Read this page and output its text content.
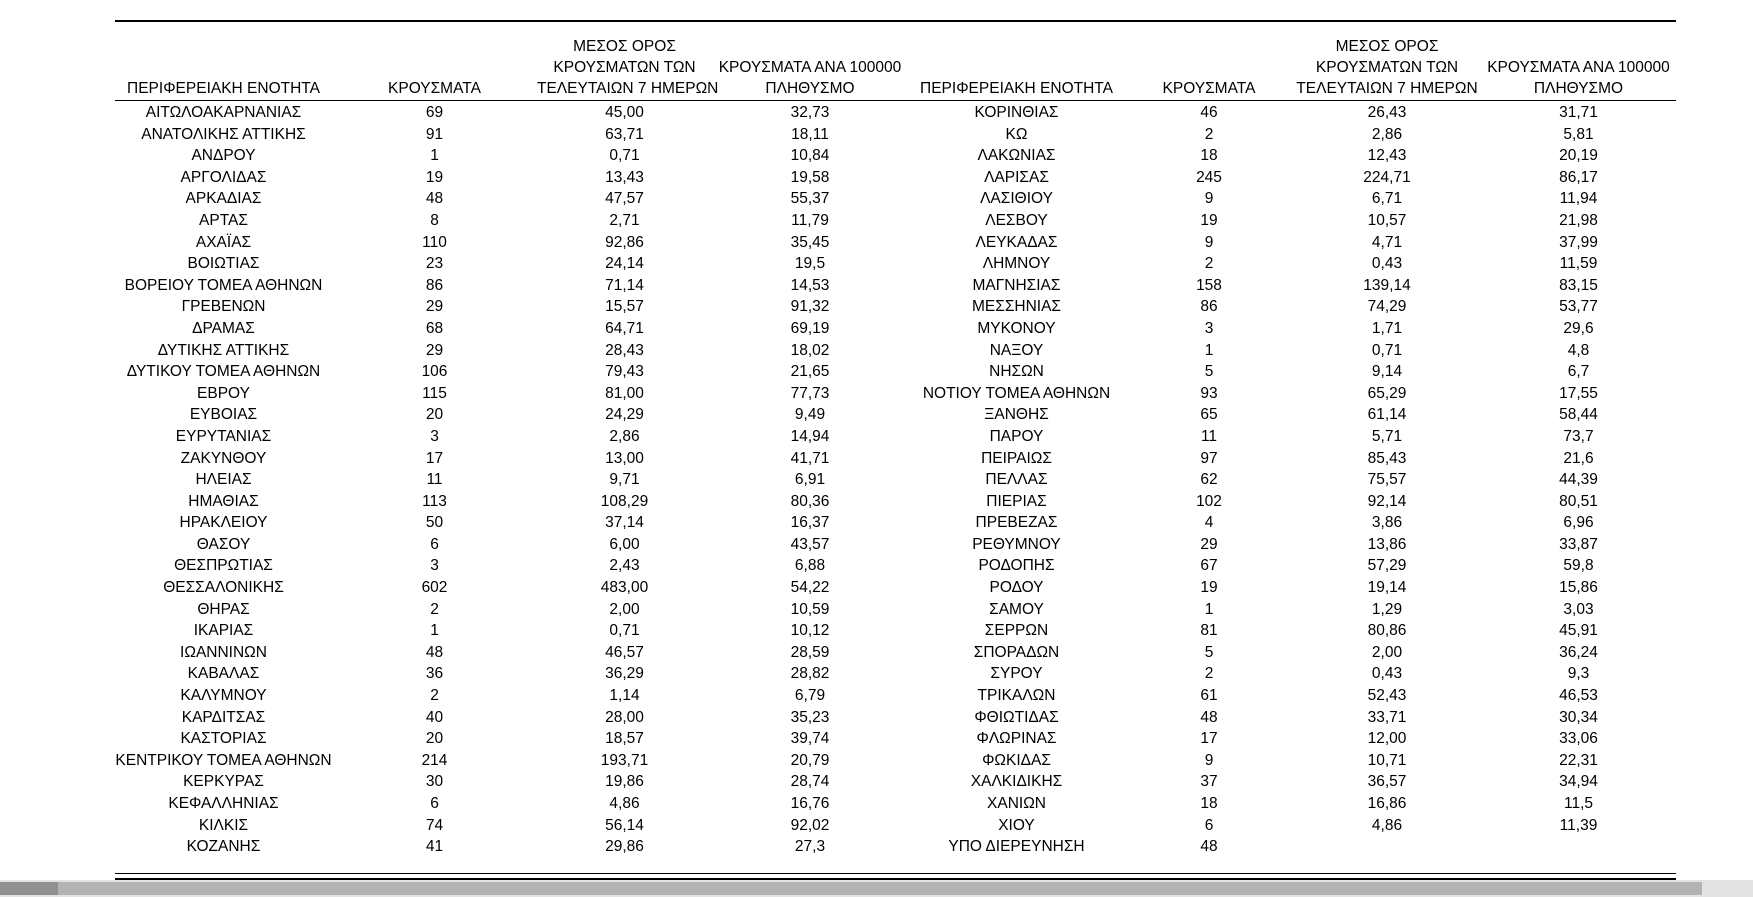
ΠΕΡΙΦΕΡΕΙΑΚΗ ΕΝΟΤΗΤΑ	ΚΡΟΥΣΜΑΤΑ	ΜΕΣΟΣ ΟΡΟΣ
ΚΡΟΥΣΜΑΤΩΝ ΤΩΝ
ΤΕΛΕΥΤΑΙΩΝ 7 ΗΜΕΡΩΝ	ΚΡΟΥΣΜΑΤΑ ΑΝΑ 100000
ΠΛΗΘΥΣΜΟ	ΠΕΡΙΦΕΡΕΙΑΚΗ ΕΝΟΤΗΤΑ	ΚΡΟΥΣΜΑΤΑ	ΜΕΣΟΣ ΟΡΟΣ
ΚΡΟΥΣΜΑΤΩΝ ΤΩΝ
ΤΕΛΕΥΤΑΙΩΝ 7 ΗΜΕΡΩΝ	ΚΡΟΥΣΜΑΤΑ ΑΝΑ 100000
ΠΛΗΘΥΣΜΟ
ΑΙΤΩΛΟΑΚΑΡΝΑΝΙΑΣ	69	45,00	32,73	ΚΟΡΙΝΘΙΑΣ	46	26,43	31,71
ΑΝΑΤΟΛΙΚΗΣ ΑΤΤΙΚΗΣ	91	63,71	18,11	ΚΩ	2	2,86	5,81
ΑΝΔΡΟΥ	1	0,71	10,84	ΛΑΚΩΝΙΑΣ	18	12,43	20,19
ΑΡΓΟΛΙΔΑΣ	19	13,43	19,58	ΛΑΡΙΣΑΣ	245	224,71	86,17
ΑΡΚΑΔΙΑΣ	48	47,57	55,37	ΛΑΣΙΘΙΟΥ	9	6,71	11,94
ΑΡΤΑΣ	8	2,71	11,79	ΛΕΣΒΟΥ	19	10,57	21,98
ΑΧΑΪΑΣ	110	92,86	35,45	ΛΕΥΚΑΔΑΣ	9	4,71	37,99
ΒΟΙΩΤΙΑΣ	23	24,14	19,5	ΛΗΜΝΟΥ	2	0,43	11,59
ΒΟΡΕΙΟΥ ΤΟΜΕΑ ΑΘΗΝΩΝ	86	71,14	14,53	ΜΑΓΝΗΣΙΑΣ	158	139,14	83,15
ΓΡΕΒΕΝΩΝ	29	15,57	91,32	ΜΕΣΣΗΝΙΑΣ	86	74,29	53,77
ΔΡΑΜΑΣ	68	64,71	69,19	ΜΥΚΟΝΟΥ	3	1,71	29,6
ΔΥΤΙΚΗΣ ΑΤΤΙΚΗΣ	29	28,43	18,02	ΝΑΞΟΥ	1	0,71	4,8
ΔΥΤΙΚΟΥ ΤΟΜΕΑ ΑΘΗΝΩΝ	106	79,43	21,65	ΝΗΣΩΝ	5	9,14	6,7
ΕΒΡΟΥ	115	81,00	77,73	ΝΟΤΙΟΥ ΤΟΜΕΑ ΑΘΗΝΩΝ	93	65,29	17,55
ΕΥΒΟΙΑΣ	20	24,29	9,49	ΞΑΝΘΗΣ	65	61,14	58,44
ΕΥΡΥΤΑΝΙΑΣ	3	2,86	14,94	ΠΑΡΟΥ	11	5,71	73,7
ΖΑΚΥΝΘΟΥ	17	13,00	41,71	ΠΕΙΡΑΙΩΣ	97	85,43	21,6
ΗΛΕΙΑΣ	11	9,71	6,91	ΠΕΛΛΑΣ	62	75,57	44,39
ΗΜΑΘΙΑΣ	113	108,29	80,36	ΠΙΕΡΙΑΣ	102	92,14	80,51
ΗΡΑΚΛΕΙΟΥ	50	37,14	16,37	ΠΡΕΒΕΖΑΣ	4	3,86	6,96
ΘΑΣΟΥ	6	6,00	43,57	ΡΕΘΥΜΝΟΥ	29	13,86	33,87
ΘΕΣΠΡΩΤΙΑΣ	3	2,43	6,88	ΡΟΔΟΠΗΣ	67	57,29	59,8
ΘΕΣΣΑΛΟΝΙΚΗΣ	602	483,00	54,22	ΡΟΔΟΥ	19	19,14	15,86
ΘΗΡΑΣ	2	2,00	10,59	ΣΑΜΟΥ	1	1,29	3,03
ΙΚΑΡΙΑΣ	1	0,71	10,12	ΣΕΡΡΩΝ	81	80,86	45,91
ΙΩΑΝΝΙΝΩΝ	48	46,57	28,59	ΣΠΟΡΑΔΩΝ	5	2,00	36,24
ΚΑΒΑΛΑΣ	36	36,29	28,82	ΣΥΡΟΥ	2	0,43	9,3
ΚΑΛΥΜΝΟΥ	2	1,14	6,79	ΤΡΙΚΑΛΩΝ	61	52,43	46,53
ΚΑΡΔΙΤΣΑΣ	40	28,00	35,23	ΦΘΙΩΤΙΔΑΣ	48	33,71	30,34
ΚΑΣΤΟΡΙΑΣ	20	18,57	39,74	ΦΛΩΡΙΝΑΣ	17	12,00	33,06
ΚΕΝΤΡΙΚΟΥ ΤΟΜΕΑ ΑΘΗΝΩΝ	214	193,71	20,79	ΦΩΚΙΔΑΣ	9	10,71	22,31
ΚΕΡΚΥΡΑΣ	30	19,86	28,74	ΧΑΛΚΙΔΙΚΗΣ	37	36,57	34,94
ΚΕΦΑΛΛΗΝΙΑΣ	6	4,86	16,76	ΧΑΝΙΩΝ	18	16,86	11,5
ΚΙΛΚΙΣ	74	56,14	92,02	ΧΙΟΥ	6	4,86	11,39
ΚΟΖΑΝΗΣ	41	29,86	27,3	ΥΠΟ ΔΙΕΡΕΥΝΗΣΗ	48		
